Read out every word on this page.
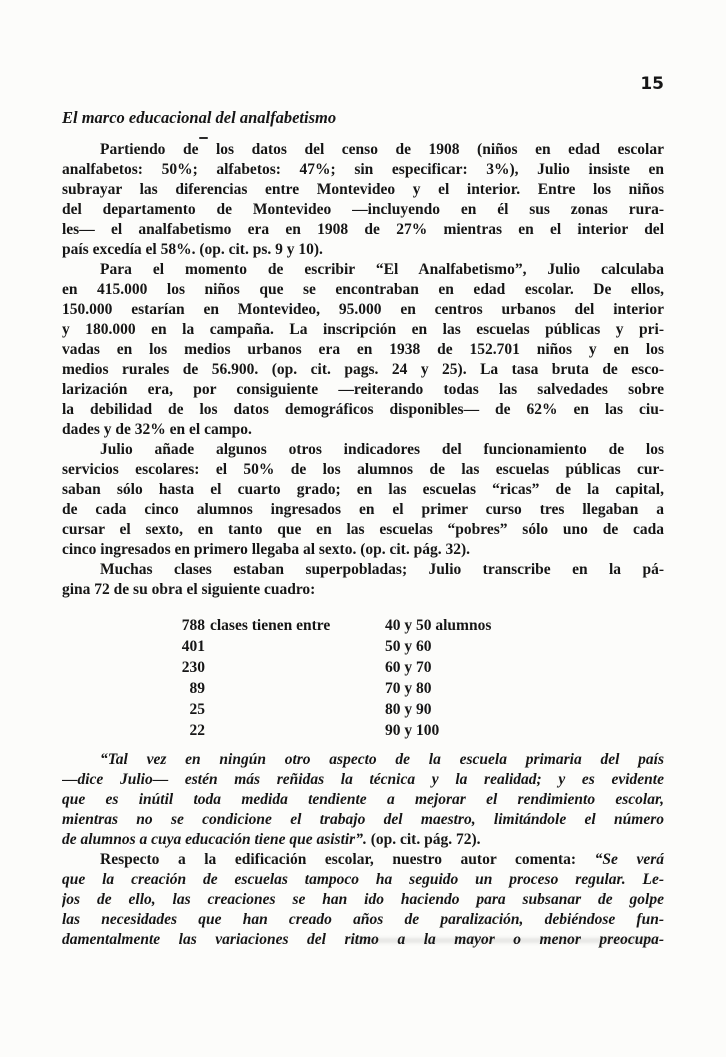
15
El marco educacional del analfabetismo
Partiendo de los datos del censo de 1908 (niños en edad escolar
analfabetos: 50%; alfabetos: 47%; sin especificar: 3%), Julio insiste en
subrayar las diferencias entre Montevideo y el interior. Entre los niños
del departamento de Montevideo —incluyendo en él sus zonas rura-
les— el analfabetismo era en 1908 de 27% mientras en el interior del
país excedía el 58%. (op. cit. ps. 9 y 10).
Para el momento de escribir “El Analfabetismo”, Julio calculaba
en 415.000 los niños que se encontraban en edad escolar. De ellos,
150.000 estarían en Montevideo, 95.000 en centros urbanos del interior
y 180.000 en la campaña. La inscripción en las escuelas públicas y pri-
vadas en los medios urbanos era en 1938 de 152.701 niños y en los
medios rurales de 56.900. (op. cit. pags. 24 y 25). La tasa bruta de esco-
larización era, por consiguiente —reiterando todas las salvedades sobre
la debilidad de los datos demográficos disponibles— de 62% en las ciu-
dades y de 32% en el campo.
Julio añade algunos otros indicadores del funcionamiento de los
servicios escolares: el 50% de los alumnos de las escuelas públicas cur-
saban sólo hasta el cuarto grado; en las escuelas “ricas” de la capital,
de cada cinco alumnos ingresados en el primer curso tres llegaban a
cursar el sexto, en tanto que en las escuelas “pobres” sólo uno de cada
cinco ingresados en primero llegaba al sexto. (op. cit. pág. 32).
Muchas clases estaban superpobladas; Julio transcribe en la pá-
gina 72 de su obra el siguiente cuadro:
788 clases tienen entre	40 y 50 alumnos
401	50 y 60
230	60 y 70
89	70 y 80
25	80 y 90
22	90 y 100
“Tal vez en ningún otro aspecto de la escuela primaria del país
—dice Julio— estén más reñidas la técnica y la realidad; y es evidente
que es inútil toda medida tendiente a mejorar el rendimiento escolar,
mientras no se condicione el trabajo del maestro, limitándole el número
de alumnos a cuya educación tiene que asistir”. (op. cit. pág. 72).
Respecto a la edificación escolar, nuestro autor comenta: “Se verá
que la creación de escuelas tampoco ha seguido un proceso regular. Le-
jos de ello, las creaciones se han ido haciendo para subsanar de golpe
las necesidades que han creado años de paralización, debiéndose fun-
damentalmente las variaciones del ritmo a la mayor o menor preocupa-
